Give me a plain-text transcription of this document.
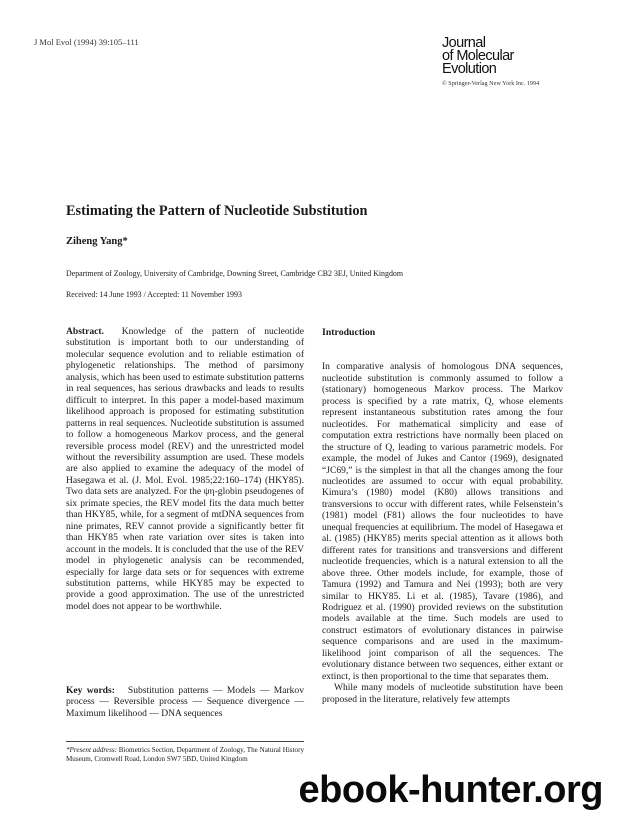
J Mol Evol (1994) 39:105–111	Journal
of Molecular
Evolution
© Springer-Verlag New York Inc. 1994
Estimating the Pattern of Nucleotide Substitution
Ziheng Yang*
Department of Zoology, University of Cambridge, Downing Street, Cambridge CB2 3EJ, United Kingdom
Received: 14 June 1993 / Accepted: 11 November 1993
Abstract. Knowledge of the pattern of nucleotide substitution is important both to our understanding of molecular sequence evolution and to reliable estimation of phylogenetic relationships. The method of parsimony analysis, which has been used to estimate substitution patterns in real sequences, has serious drawbacks and leads to results difficult to interpret. In this paper a model-based maximum likelihood approach is proposed for estimating substitution patterns in real sequences. Nucleotide substitution is assumed to follow a homogeneous Markov process, and the general reversible process model (REV) and the unrestricted model without the reversibility assumption are used. These models are also applied to examine the adequacy of the model of Hasegawa et al. (J. Mol. Evol. 1985;22:160–174) (HKY85). Two data sets are analyzed. For the ψη-globin pseudogenes of six primate species, the REV model fits the data much better than HKY85, while, for a segment of mtDNA sequences from nine primates, REV cannot provide a significantly better fit than HKY85 when rate variation over sites is taken into account in the models. It is concluded that the use of the REV model in phylogenetic analysis can be recommended, especially for large data sets or for sequences with extreme substitution patterns, while HKY85 may be expected to provide a good approximation. The use of the unrestricted model does not appear to be worthwhile.
Key words: Substitution patterns — Models — Markov process — Reversible process — Sequence divergence — Maximum likelihood — DNA sequences
*Present address: Biometrics Section, Department of Zoology, The Natural History Museum, Cromwell Road, London SW7 5BD, United Kingdom
Introduction

In comparative analysis of homologous DNA sequences, nucleotide substitution is commonly assumed to follow a (stationary) homogeneous Markov process. The Markov process is specified by a rate matrix, Q, whose elements represent instantaneous substitution rates among the four nucleotides. For mathematical simplicity and ease of computation extra restrictions have normally been placed on the structure of Q, leading to various parametric models. For example, the model of Jukes and Cantor (1969), designated “JC69,” is the simplest in that all the changes among the four nucleotides are assumed to occur with equal probability. Kimura’s (1980) model (K80) allows transitions and transversions to occur with different rates, while Felsenstein’s (1981) model (F81) allows the four nucleotides to have unequal frequencies at equilibrium. The model of Hasegawa et al. (1985) (HKY85) merits special attention as it allows both different rates for transitions and transversions and different nucleotide frequencies, which is a natural extension to all the above three. Other models include, for example, those of Tamura (1992) and Tamura and Nei (1993); both are very similar to HKY85. Li et al. (1985), Tavare (1986), and Rodriguez et al. (1990) provided reviews on the substitution models available at the time. Such models are used to construct estimators of evolutionary distances in pairwise sequence comparisons and are used in the maximum-likelihood joint comparison of all the sequences. The evolutionary distance between two sequences, either extant or extinct, is then proportional to the time that separates them.

While many models of nucleotide substitution have been proposed in the literature, relatively few attempts

ebook-hunter.org
